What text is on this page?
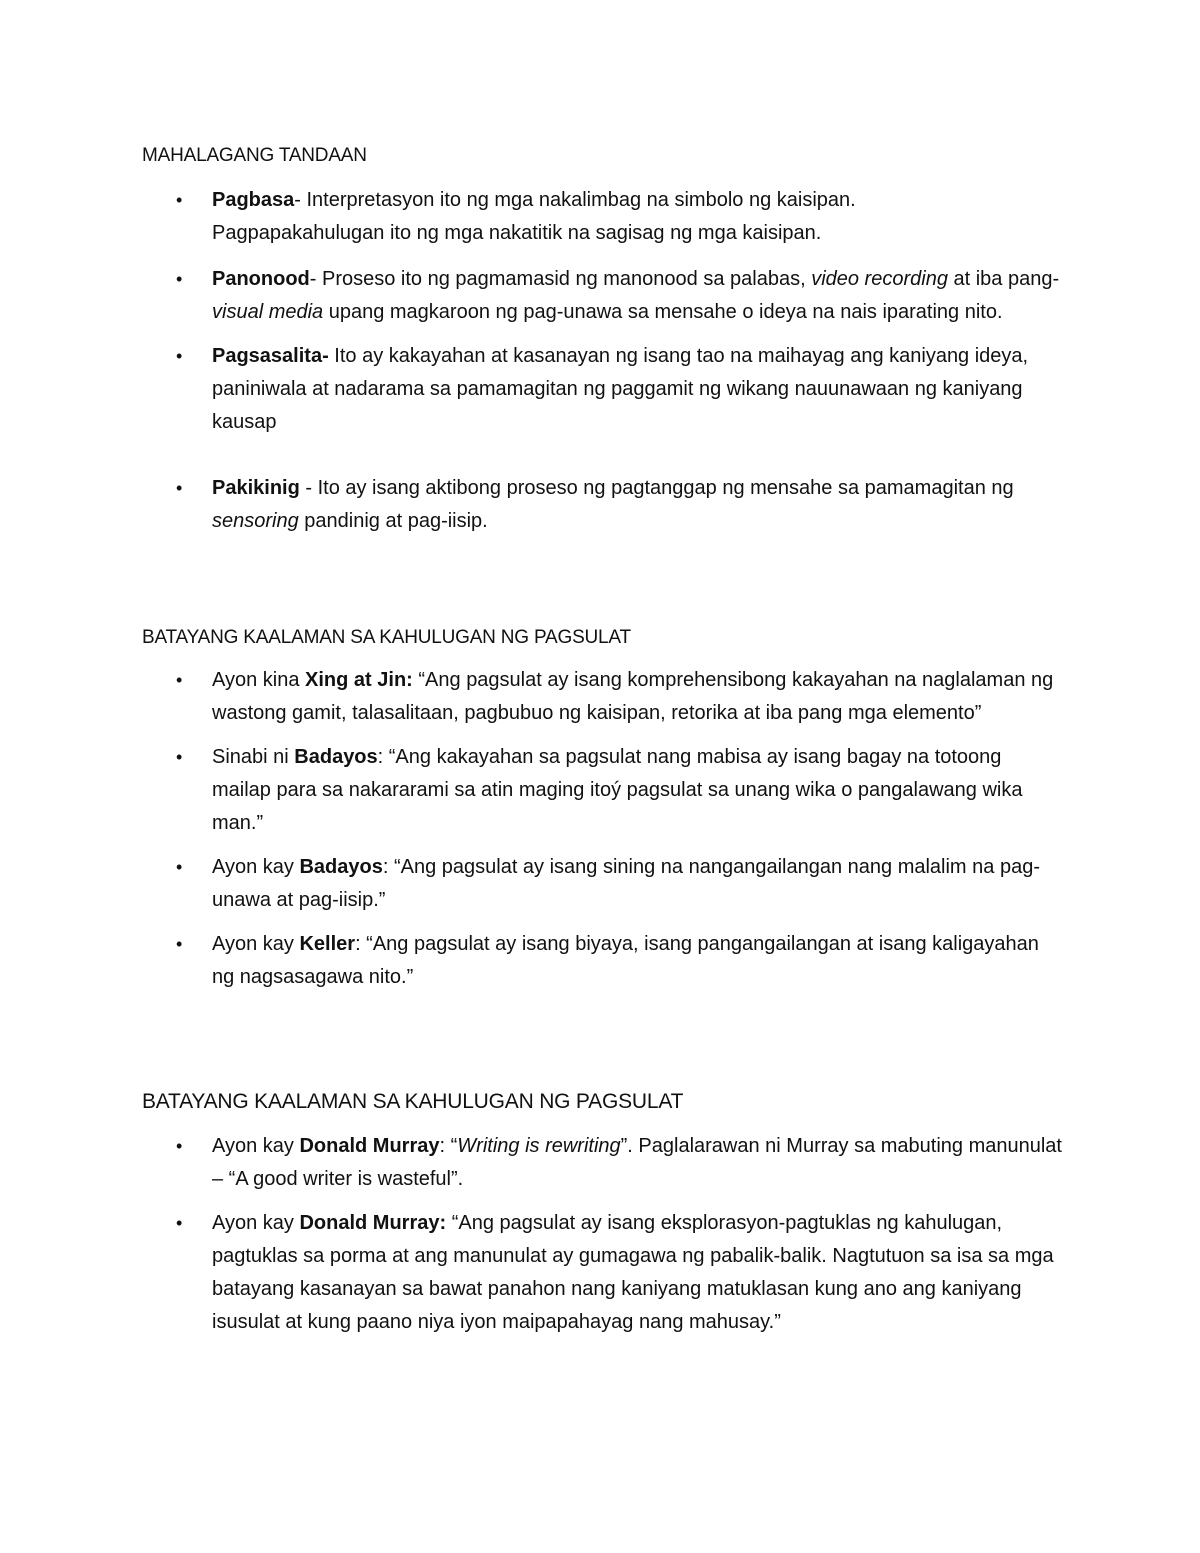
MAHALAGANG TANDAAN
• Pagbasa- Interpretasyon ito ng mga nakalimbag na simbolo ng kaisipan.
Pagpapakahulugan ito ng mga nakatitik na sagisag ng mga kaisipan.
• Panonood- Proseso ito ng pagmamasid ng manonood sa palabas, video recording at iba pang- visual media upang magkaroon ng pag-unawa sa mensahe o ideya na nais iparating nito.
• Pagsasalita- Ito ay kakayahan at kasanayan ng isang tao na maihayag ang kaniyang ideya, paniniwala at nadarama sa pamamagitan ng paggamit ng wikang nauunawaan ng kaniyang kausap
• Pakikinig - Ito ay isang aktibong proseso ng pagtanggap ng mensahe sa pamamagitan ng sensoring pandinig at pag-iisip.
BATAYANG KAALAMAN SA KAHULUGAN NG PAGSULAT
• Ayon kina Xing at Jin: “Ang pagsulat ay isang komprehensibong kakayahan na naglalaman ng wastong gamit, talasalitaan, pagbubuo ng kaisipan, retorika at iba pang mga elemento”
• Sinabi ni Badayos: “Ang kakayahan sa pagsulat nang mabisa ay isang bagay na totoong mailap para sa nakararami sa atin maging itoý pagsulat sa unang wika o pangalawang wika man.”
• Ayon kay Badayos: “Ang pagsulat ay isang sining na nangangailangan nang malalim na pag-unawa at pag-iisip.”
• Ayon kay Keller: “Ang pagsulat ay isang biyaya, isang pangangailangan at isang kaligayahan ng nagsasagawa nito.”
BATAYANG KAALAMAN SA KAHULUGAN NG PAGSULAT
• Ayon kay Donald Murray: “Writing is rewriting”. Paglalarawan ni Murray sa mabuting manunulat – “A good writer is wasteful”.
• Ayon kay Donald Murray: “Ang pagsulat ay isang eksplorasyon-pagtuklas ng kahulugan, pagtuklas sa porma at ang manunulat ay gumagawa ng pabalik-balik. Nagtutuon sa isa sa mga batayang kasanayan sa bawat panahon nang kaniyang matuklasan kung ano ang kaniyang isusulat at kung paano niya iyon maipapahayag nang mahusay.”
